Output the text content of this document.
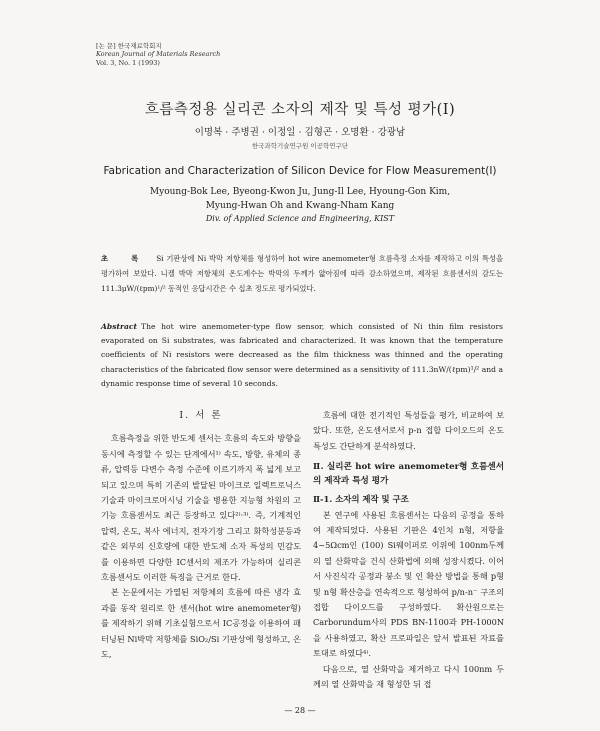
[논 문] 한국재료학회지
Korean Journal of Materials Research
Vol. 3, No. 1 (1993)
흐름측정용 실리콘 소자의 제작 및 특성 평가(Ⅰ)
이명복 · 주병권 · 이정일 · 김형곤 · 오명환 · 강광남
한국과학기술연구원 이공학연구단
Fabrication and Characterization of Silicon Device for Flow Measurement(Ⅰ)
Myoung-Bok Lee, Byeong-Kwon Ju, Jung-Il Lee, Hyoung-Gon Kim,
Myung-Hwan Oh and Kwang-Nham Kang
Div. of Applied Science and Engineering, KIST
초 록 Si 기판상에 Ni 박막 저항체를 형성하여 hot wire anemometer형 흐름측정 소자를 제작하고 이의 특성을 평가하여 보았다. 니켈 박막 저항체의 온도계수는 박막의 두께가 얇아짐에 따라 감소하였으며, 제작된 흐름센서의 감도는 111.3μW/(ℓpm)¹/² 동적인 응답시간은 수 십초 정도로 평가되었다.
Abstract The hot wire anemometer-type flow sensor, which consisted of Ni thin film resistors evaporated on Si substrates, was fabricated and characterized. It was known that the temperature coefficients of Ni resistors were decreased as the film thickness was thinned and the operating characteristics of the fabricated flow sensor were determined as a sensitivity of 111.3nW/(ℓpm)¹/² and a dynamic response time of several 10 seconds.
Ⅰ. 서 론

흐름측정을 위한 반도체 센서는 흐름의 속도와 방향을 동시에 측정할 수 있는 단계에서¹⁾ 속도, 방향, 유체의 종류, 압력등 다변수 측정 수준에 이르기까지 폭 넓게 보고되고 있으며 특히 기존의 발달된 마이크로 일렉트로닉스 기술과 마이크로머시닝 기술을 병용한 지능형 차원의 고기능 흐름센서도 최근 등장하고 있다²⁾·³⁾. 즉, 기계적인 압력, 온도, 복사 에너지, 전자기장 그리고 화학성분등과 같은 외부의 신호량에 대한 반도체 소자 특성의 민감도를 이용하면 다양한 IC센서의 제조가 가능하며 실리콘 흐름센서도 이러한 특징을 근거로 한다.

본 논문에서는 가열된 저항체의 흐름에 따른 냉각 효과를 동작 원리로 한 센서(hot wire anemometer형)를 제작하기 위해 기초실험으로서 IC공정을 이용하여 패터닝된 Ni박막 저항체를 SiO₂/Si 기판상에 형성하고, 온도,

흐름에 대한 전기적인 특성들을 평가, 비교하여 보았다. 또한, 온도센서로서 p-n 접합 다이오드의 온도특성도 간단하게 분석하였다.

Ⅱ. 실리콘 hot wire anemometer형 흐름센서의 제작과 특성 평가
Ⅱ-1. 소자의 제작 및 구조

본 연구에 사용된 흐름센서는 다음의 공정을 통하여 제작되었다. 사용된 기판은 4인치 n형, 저항율 4~5Ωcm인 (100) Si웨이퍼로 이위에 100nm두께의 열 산화막을 건식 산화법에 의해 성장시켰다. 이어서 사진식각 공정과 붕소 및 인 확산 방법을 통해 p형 및 n형 확산층을 연속적으로 형성하여 p/n-n⁻ 구조의 접합 다이오드를 구성하였다. 확산원으로는 Carborundum사의 PDS BN-1100과 PH-1000N을 사용하였고, 확산 프로파일은 앞서 발표된 자료를 토대로 하였다⁴⁾.

다음으로, 열 산화막을 제거하고 다시 100nm 두께의 열 산화막을 재 형성한 뒤 접

— 28 —
